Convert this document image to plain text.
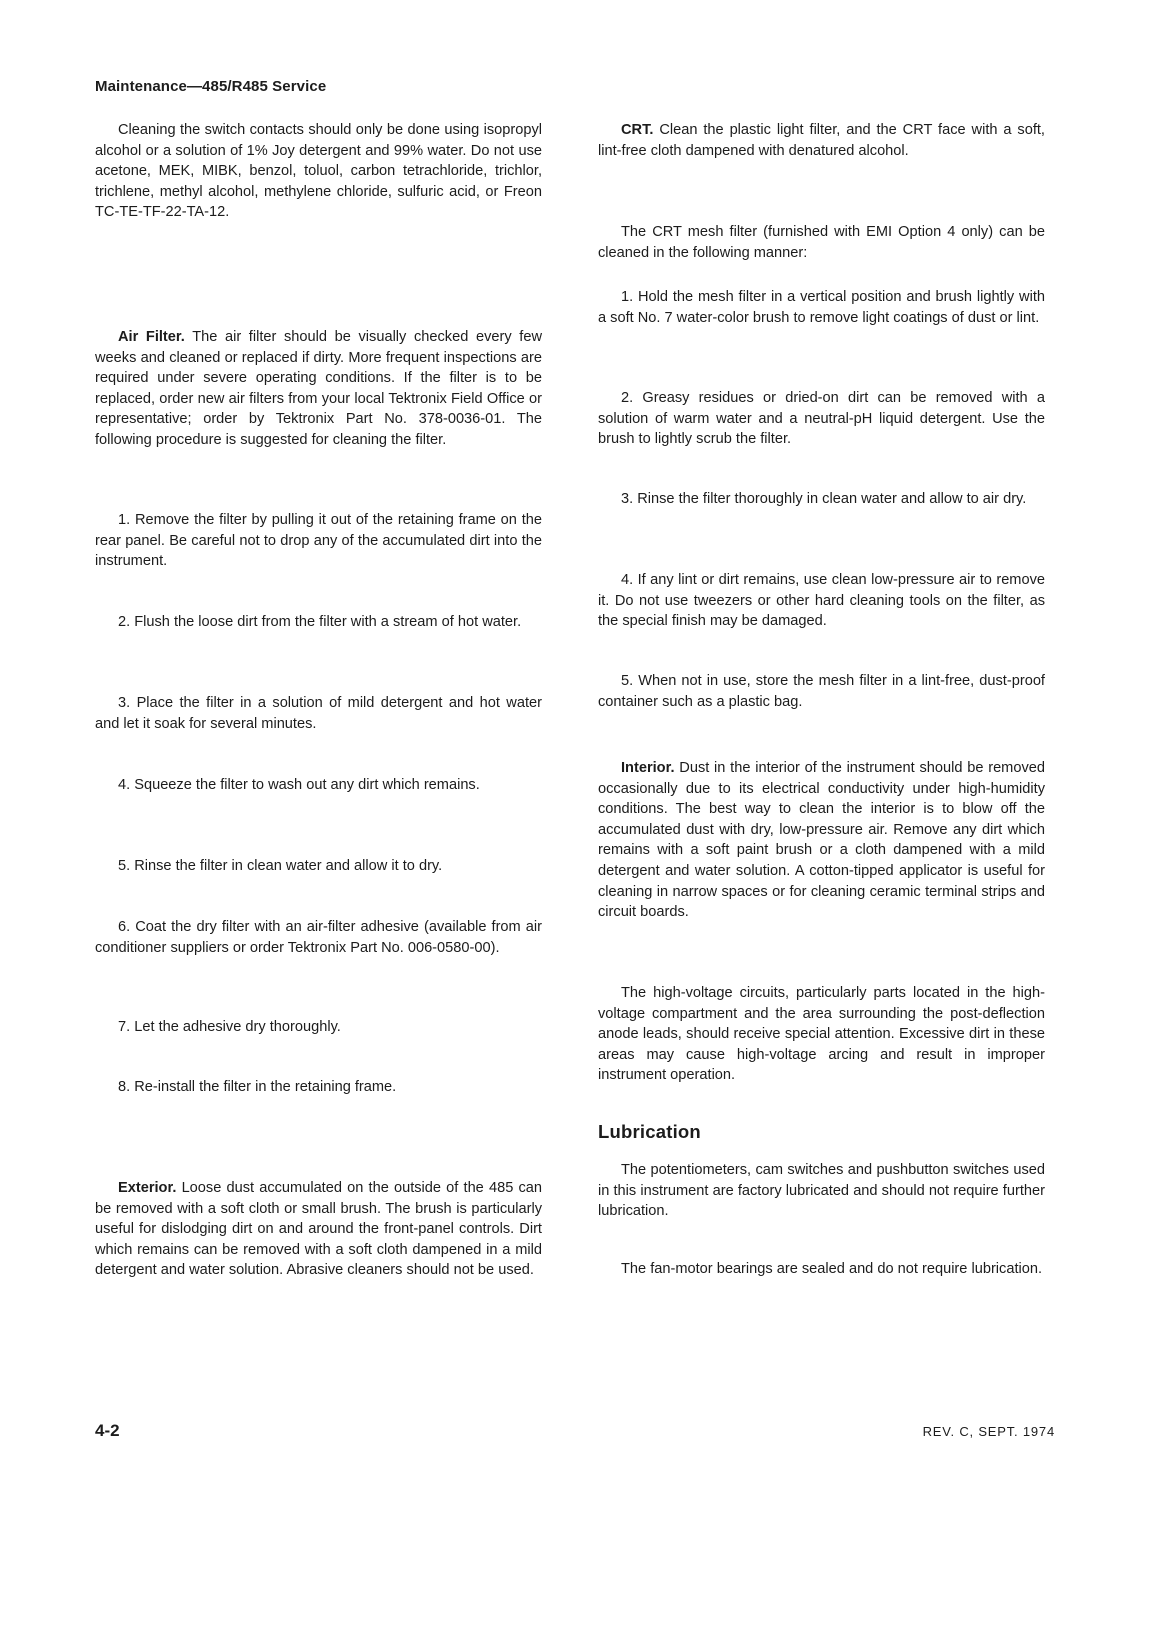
Maintenance—485/R485 Service

Cleaning the switch contacts should only be done using isopropyl alcohol or a solution of 1% Joy detergent and 99% water. Do not use acetone, MEK, MIBK, benzol, toluol, carbon tetrachloride, trichlor, trichlene, methyl alcohol, methylene chloride, sulfuric acid, or Freon TC-TE-TF-22-TA-12.

Air Filter. The air filter should be visually checked every few weeks and cleaned or replaced if dirty. More frequent inspections are required under severe operating conditions. If the filter is to be replaced, order new air filters from your local Tektronix Field Office or representative; order by Tektronix Part No. 378-0036-01. The following procedure is suggested for cleaning the filter.

1. Remove the filter by pulling it out of the retaining frame on the rear panel. Be careful not to drop any of the accumulated dirt into the instrument.

2. Flush the loose dirt from the filter with a stream of hot water.

3. Place the filter in a solution of mild detergent and hot water and let it soak for several minutes.

4. Squeeze the filter to wash out any dirt which remains.

5. Rinse the filter in clean water and allow it to dry.

6. Coat the dry filter with an air-filter adhesive (available from air conditioner suppliers or order Tektronix Part No. 006-0580-00).

7. Let the adhesive dry thoroughly.

8. Re-install the filter in the retaining frame.

Exterior. Loose dust accumulated on the outside of the 485 can be removed with a soft cloth or small brush. The brush is particularly useful for dislodging dirt on and around the front-panel controls. Dirt which remains can be removed with a soft cloth dampened in a mild detergent and water solution. Abrasive cleaners should not be used.

CRT. Clean the plastic light filter, and the CRT face with a soft, lint-free cloth dampened with denatured alcohol.

The CRT mesh filter (furnished with EMI Option 4 only) can be cleaned in the following manner:

1. Hold the mesh filter in a vertical position and brush lightly with a soft No. 7 water-color brush to remove light coatings of dust or lint.

2. Greasy residues or dried-on dirt can be removed with a solution of warm water and a neutral-pH liquid detergent. Use the brush to lightly scrub the filter.

3. Rinse the filter thoroughly in clean water and allow to air dry.

4. If any lint or dirt remains, use clean low-pressure air to remove it. Do not use tweezers or other hard cleaning tools on the filter, as the special finish may be damaged.

5. When not in use, store the mesh filter in a lint-free, dust-proof container such as a plastic bag.

Interior. Dust in the interior of the instrument should be removed occasionally due to its electrical conductivity under high-humidity conditions. The best way to clean the interior is to blow off the accumulated dust with dry, low-pressure air. Remove any dirt which remains with a soft paint brush or a cloth dampened with a mild detergent and water solution. A cotton-tipped applicator is useful for cleaning in narrow spaces or for cleaning ceramic terminal strips and circuit boards.

The high-voltage circuits, particularly parts located in the high-voltage compartment and the area surrounding the post-deflection anode leads, should receive special attention. Excessive dirt in these areas may cause high-voltage arcing and result in improper instrument operation.

Lubrication

The potentiometers, cam switches and pushbutton switches used in this instrument are factory lubricated and should not require further lubrication.

The fan-motor bearings are sealed and do not require lubrication.

4-2	REV. C, SEPT. 1974
